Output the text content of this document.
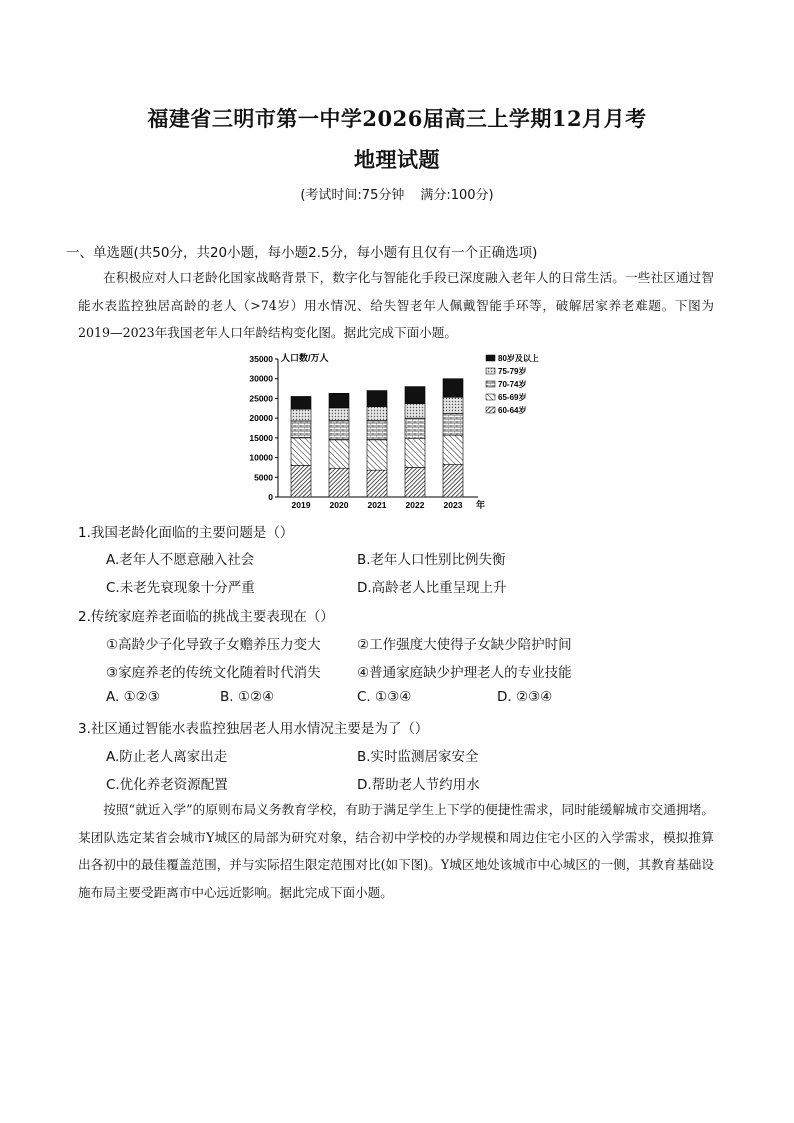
福建省三明市第一中学2026届高三上学期12月月考
地理试题
(考试时间:75分钟 满分:100分)
一、单选题(共50分，共20小题，每小题2.5分，每小题有且仅有一个正确选项)

在积极应对人口老龄化国家战略背景下，数字化与智能化手段已深度融入老年人的日常生活。一些社区通过智能水表监控独居高龄的老人（>74岁）用水情况、给失智老年人佩戴智能手环等，破解居家养老难题。下图为2019—2023年我国老年人口年龄结构变化图。据此完成下面小题。

0
5000
10000
15000
20000
25000
30000
35000 人口数/万人
年
2019 2020 2021 2022 2023
80岁及以上
75-79岁
70-74岁
65-69岁
60-64岁
1.我国老龄化面临的主要问题是（）
A.老年人不愿意融入社会	B.老年人口性别比例失衡
C.未老先衰现象十分严重	D.高龄老人比重呈现上升
2.传统家庭养老面临的挑战主要表现在（）
①高龄少子化导致子女赡养压力变大	②工作强度大使得子女缺少陪护时间
③家庭养老的传统文化随着时代消失	④普通家庭缺少护理老人的专业技能
A. ①②③	B. ①②④	C. ①③④	D. ②③④
3.社区通过智能水表监控独居老人用水情况主要是为了（）
A.防止老人离家出走	B.实时监测居家安全
C.优化养老资源配置	D.帮助老人节约用水

按照“就近入学”的原则布局义务教育学校，有助于满足学生上下学的便捷性需求，同时能缓解城市交通拥堵。某团队选定某省会城市Y城区的局部为研究对象，结合初中学校的办学规模和周边住宅小区的入学需求，模拟推算出各初中的最佳覆盖范围，并与实际招生限定范围对比(如下图)。Y城区地处该城市中心城区的一侧，其教育基础设施布局主要受距离市中心远近影响。据此完成下面小题。
